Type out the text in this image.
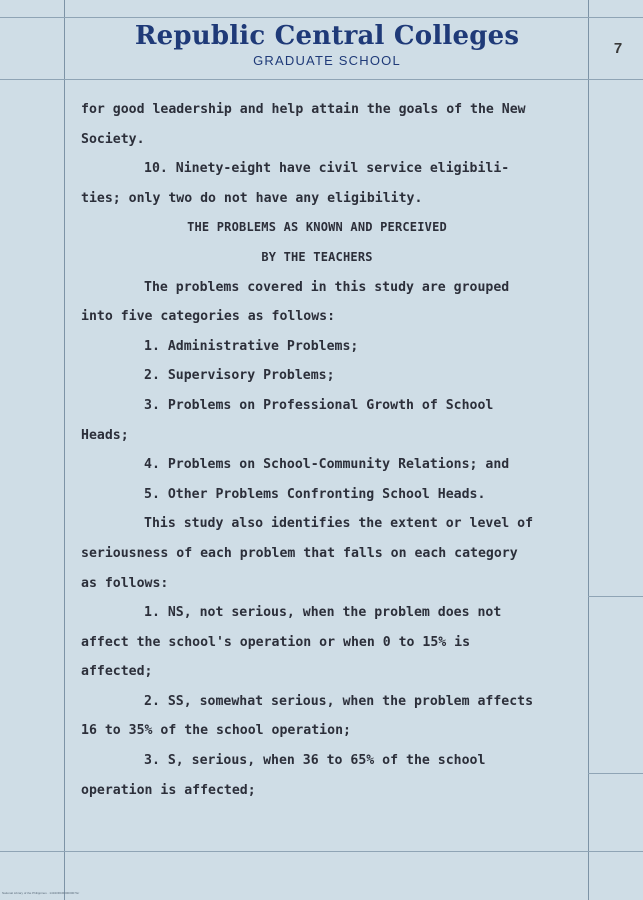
Republic Central Colleges
GRADUATE SCHOOL
7
for good leadership and help attain the goals of the New
Society.
10. Ninety-eight have civil service eligibili-
ties; only two do not have any eligibility.
THE PROBLEMS AS KNOWN AND PERCEIVED
BY THE TEACHERS
The problems covered in this study are grouped
into five categories as follows:
1. Administrative Problems;
2. Supervisory Problems;
3. Problems on Professional Growth of School
Heads;
4. Problems on School-Community Relations; and
5. Other Problems Confronting School Heads.
This study also identifies the extent or level of
seriousness of each problem that falls on each category
as follows:
1. NS, not serious, when the problem does not
affect the school's operation or when 0 to 15% is
affected;
2. SS, somewhat serious, when the problem affects
16 to 35% of the school operation;
3. S, serious, when 36 to 65% of the school
operation is affected;
National Library of the Philippines · 14343RCR0000007Gr
